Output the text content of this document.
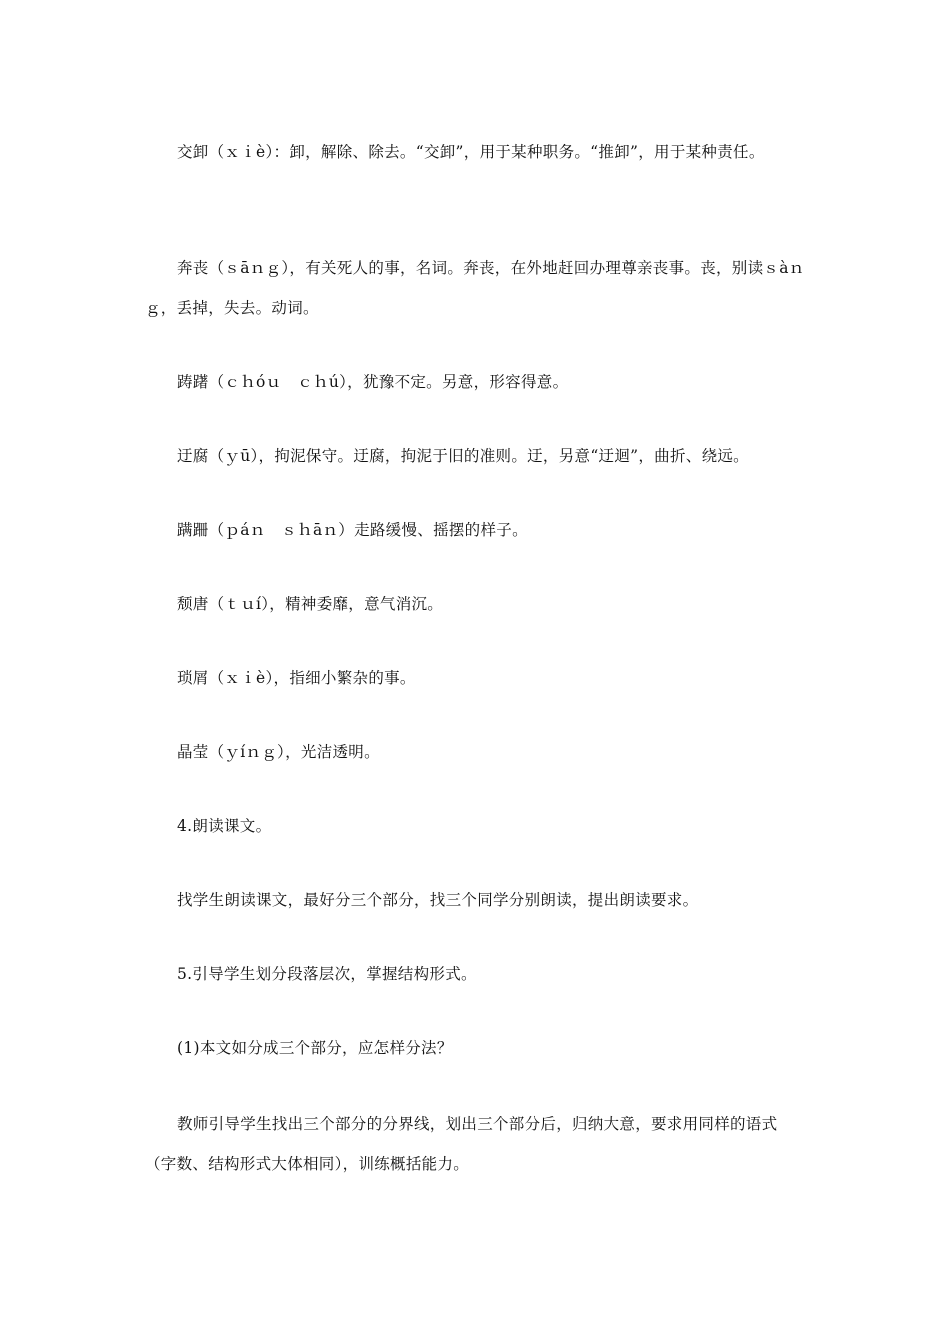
交卸（ｘｉè）：卸，解除、除去。“交卸”，用于某种职务。“推卸”，用于某种责任。

奔丧（ｓāｎｇ），有关死人的事，名词。奔丧，在外地赶回办理尊亲丧事。丧，别读ｓàｎｇ，丢掉，失去。动词。

踌躇（ｃｈóｕ　ｃｈú），犹豫不定。另意，形容得意。

迂腐（ｙū），拘泥保守。迂腐，拘泥于旧的准则。迂，另意“迂迴”，曲折、绕远。

蹒跚（ｐáｎ　ｓｈāｎ）走路缓慢、摇摆的样子。

颓唐（ｔｕí），精神委靡，意气消沉。

琐屑（ｘｉè），指细小繁杂的事。

晶莹（ｙíｎｇ），光洁透明。

4.朗读课文。

找学生朗读课文，最好分三个部分，找三个同学分别朗读，提出朗读要求。

5.引导学生划分段落层次，掌握结构形式。

(1)本文如分成三个部分，应怎样分法？

教师引导学生找出三个部分的分界线，划出三个部分后，归纳大意，要求用同样的语式（字数、结构形式大体相同），训练概括能力。
